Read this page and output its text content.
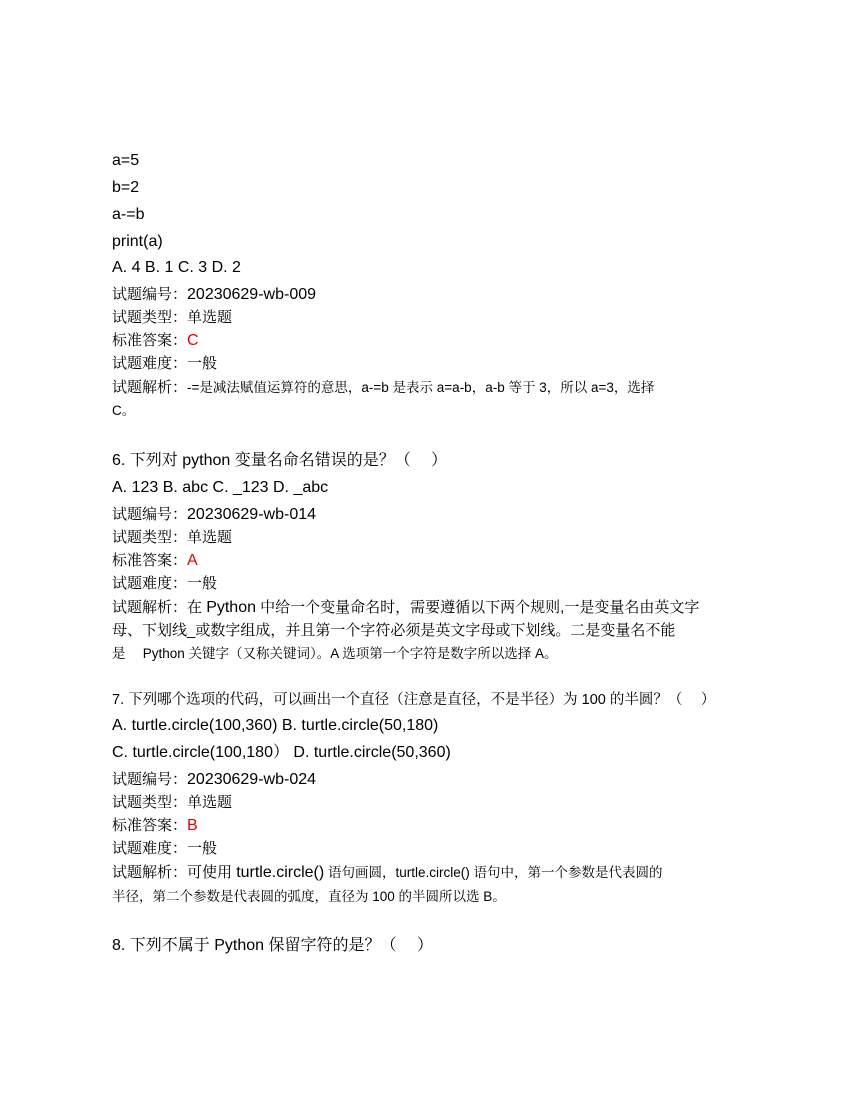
a=5
b=2
a-=b
print(a)
A. 4 B. 1 C. 3 D. 2
试题编号：20230629-wb-009
试题类型：单选题
标准答案：C
试题难度：一般
试题解析：-=是减法赋值运算符的意思，a-=b 是表示 a=a-b，a-b 等于 3，所以 a=3，选择
C。
6. 下列对 python 变量名命名错误的是？（　 ）
A. 123 B. abc C. _123 D. _abc
试题编号：20230629-wb-014
试题类型：单选题
标准答案：A
试题难度：一般
试题解析：在 Python 中给一个变量命名时，需要遵循以下两个规则,一是变量名由英文字
母、下划线_或数字组成，并且第一个字符必须是英文字母或下划线。二是变量名不能
是　 Python 关键字（又称关键词）。A 选项第一个字符是数字所以选择 A。
7. 下列哪个选项的代码，可以画出一个直径（注意是直径，不是半径）为 100 的半圆？（　 ）
A. turtle.circle(100,360) B. turtle.circle(50,180)
C. turtle.circle(100,180） D. turtle.circle(50,360)
试题编号：20230629-wb-024
试题类型：单选题
标准答案：B
试题难度：一般
试题解析：可使用 turtle.circle() 语句画圆，turtle.circle() 语句中，第一个参数是代表圆的
半径，第二个参数是代表圆的弧度，直径为 100 的半圆所以选 B。
8. 下列不属于 Python 保留字符的是？（　 ）
